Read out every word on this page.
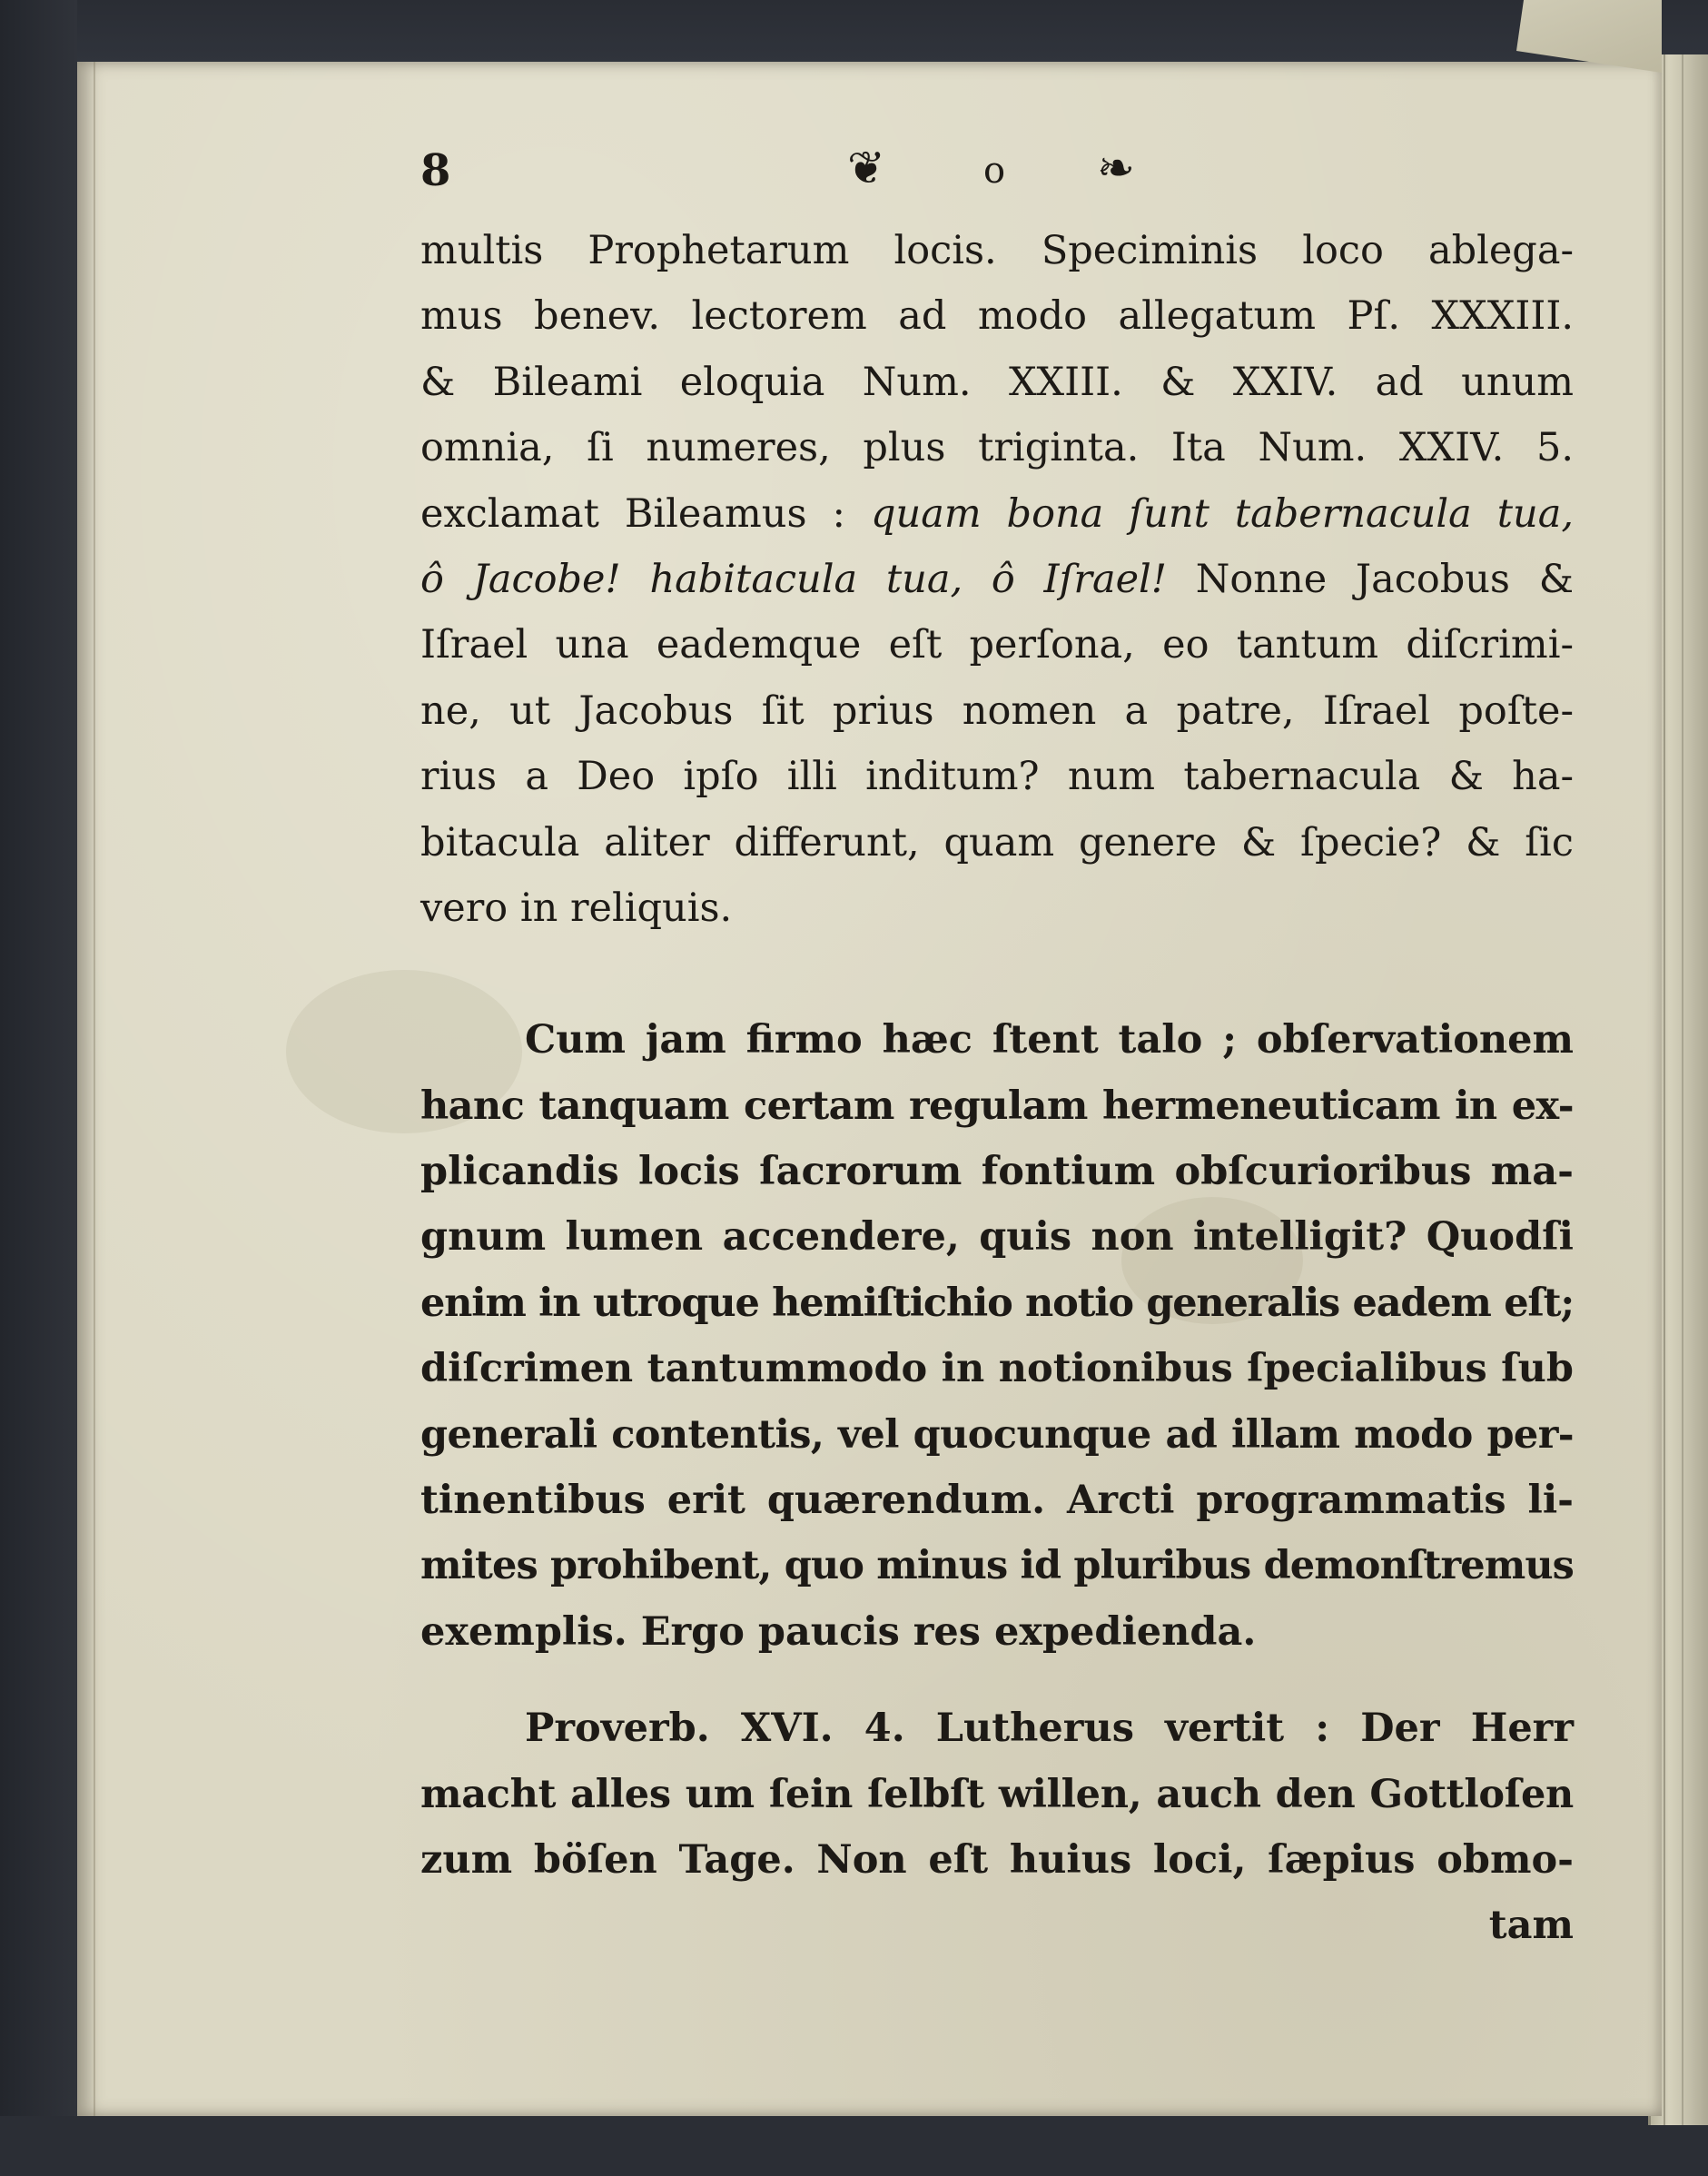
8	❦	o ❧
multis Prophetarum locis. Speciminis loco ablega-
mus benev. lectorem ad modo allegatum Pſ. XXXIII.
& Bileami eloquia Num. XXIII. & XXIV. ad unum
omnia, ſi numeres, plus triginta. Ita Num. XXIV. 5.
exclamat Bileamus : quam bona ſunt tabernacula tua,
ô Jacobe! habitacula tua, ô Iſrael! Nonne Jacobus &
Iſrael una eademque eſt perſona, eo tantum diſcrimi-
ne, ut Jacobus ſit prius nomen a patre, Iſrael poſte-
rius a Deo ipſo illi inditum? num tabernacula & ha-
bitacula aliter differunt, quam genere & ſpecie? & ſic
vero in reliquis.
Cum jam firmo hæc ſtent talo ; obſervationem
hanc tanquam certam regulam hermeneuticam in ex-
plicandis locis ſacrorum fontium obſcurioribus ma-
gnum lumen accendere, quis non intelligit? Quodſi
enim in utroque hemiſtichio notio generalis eadem eſt;
diſcrimen tantummodo in notionibus ſpecialibus ſub
generali contentis, vel quocunque ad illam modo per-
tinentibus erit quærendum. Arcti programmatis li-
mites prohibent, quo minus id pluribus demonſtremus
exemplis. Ergo paucis res expedienda.
Proverb. XVI. 4. Lutherus vertit : Der Herr
macht alles um ſein ſelbſt willen, auch den Gottloſen
zum böſen Tage. Non eſt huius loci, ſæpius obmo-
tam
